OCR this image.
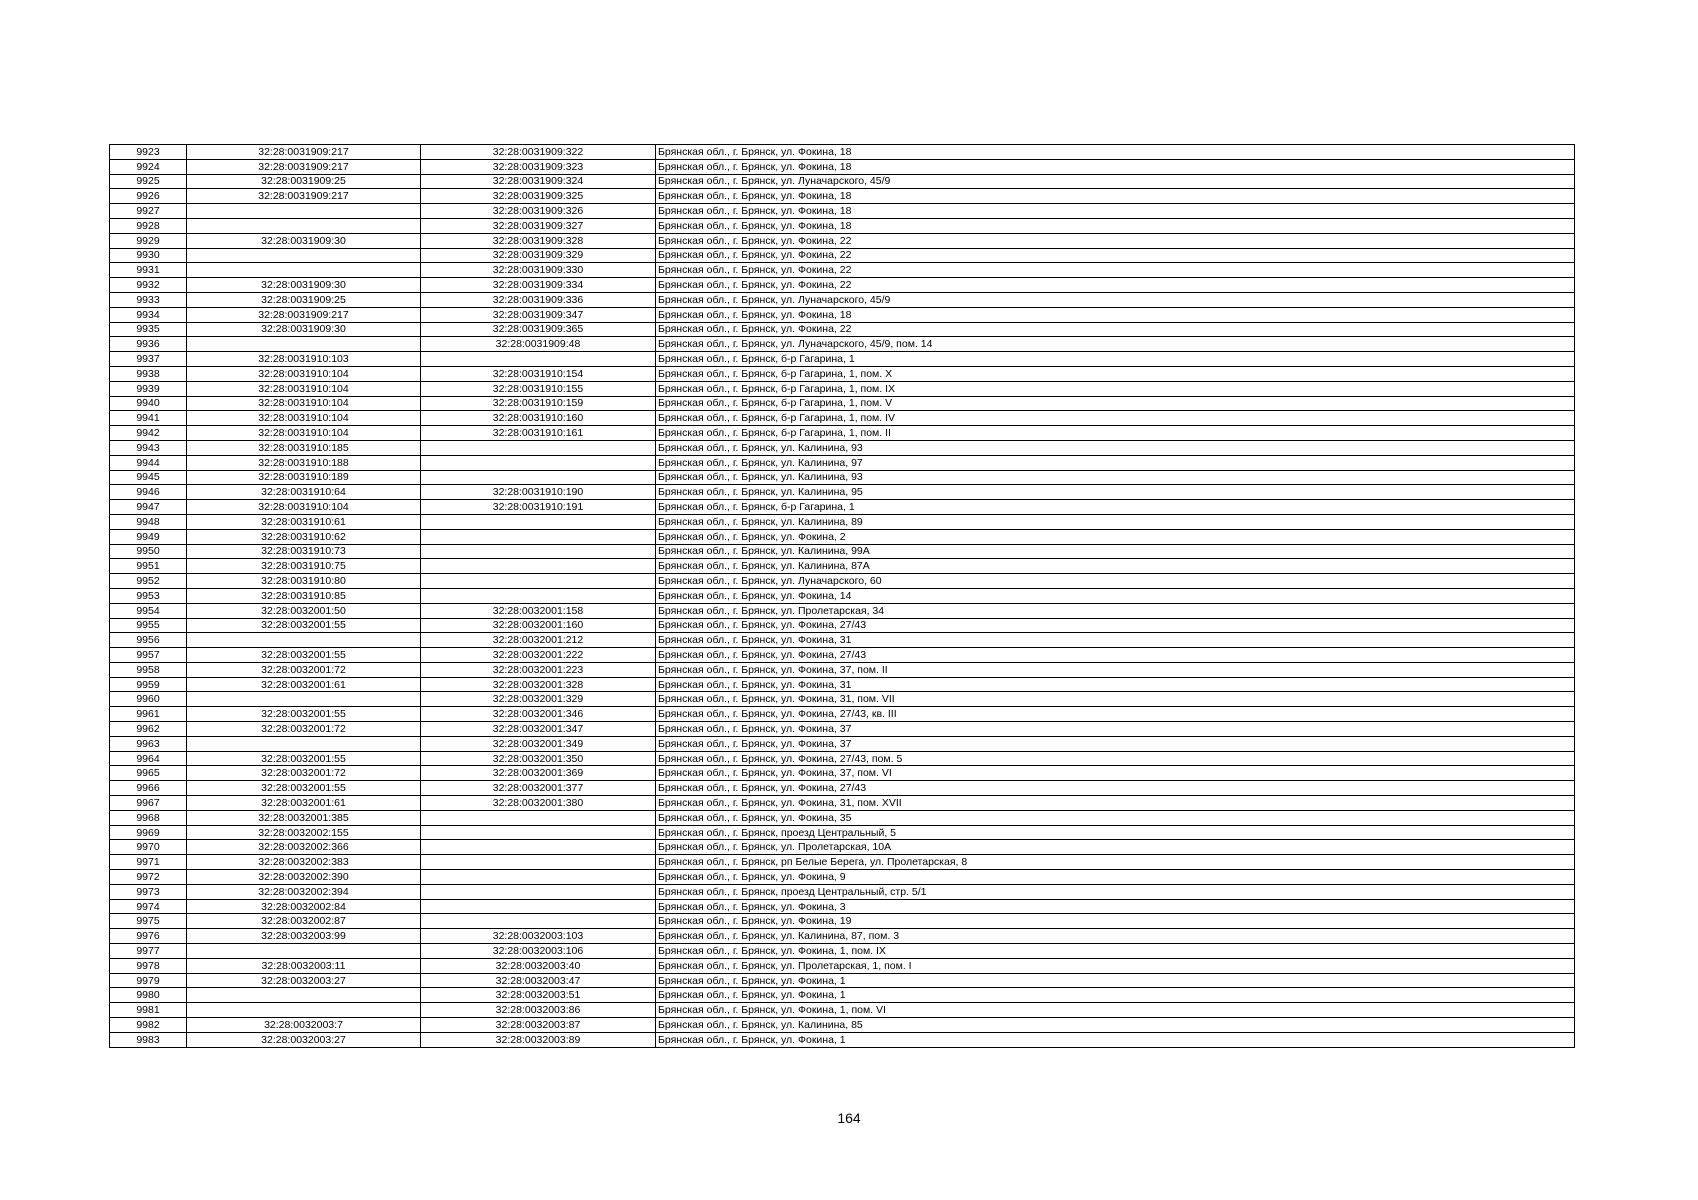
9923	32:28:0031909:217	32:28:0031909:322	Брянская обл., г. Брянск, ул. Фокина, 18
9924	32:28:0031909:217	32:28:0031909:323	Брянская обл., г. Брянск, ул. Фокина, 18
9925	32:28:0031909:25	32:28:0031909:324	Брянская обл., г. Брянск, ул. Луначарского, 45/9
9926	32:28:0031909:217	32:28:0031909:325	Брянская обл., г. Брянск, ул. Фокина, 18
9927		32:28:0031909:326	Брянская обл., г. Брянск, ул. Фокина, 18
9928		32:28:0031909:327	Брянская обл., г. Брянск, ул. Фокина, 18
9929	32:28:0031909:30	32:28:0031909:328	Брянская обл., г. Брянск, ул. Фокина, 22
9930		32:28:0031909:329	Брянская обл., г. Брянск, ул. Фокина, 22
9931		32:28:0031909:330	Брянская обл., г. Брянск, ул. Фокина, 22
9932	32:28:0031909:30	32:28:0031909:334	Брянская обл., г. Брянск, ул. Фокина, 22
9933	32:28:0031909:25	32:28:0031909:336	Брянская обл., г. Брянск, ул. Луначарского, 45/9
9934	32:28:0031909:217	32:28:0031909:347	Брянская обл., г. Брянск, ул. Фокина, 18
9935	32:28:0031909:30	32:28:0031909:365	Брянская обл., г. Брянск, ул. Фокина, 22
9936		32:28:0031909:48	Брянская обл., г. Брянск, ул. Луначарского, 45/9, пом. 14
9937	32:28:0031910:103		Брянская обл., г. Брянск, б-р Гагарина, 1
9938	32:28:0031910:104	32:28:0031910:154	Брянская обл., г. Брянск, б-р Гагарина, 1, пом. X
9939	32:28:0031910:104	32:28:0031910:155	Брянская обл., г. Брянск, б-р Гагарина, 1, пом. IX
9940	32:28:0031910:104	32:28:0031910:159	Брянская обл., г. Брянск, б-р Гагарина, 1, пом. V
9941	32:28:0031910:104	32:28:0031910:160	Брянская обл., г. Брянск, б-р Гагарина, 1, пом. IV
9942	32:28:0031910:104	32:28:0031910:161	Брянская обл., г. Брянск, б-р Гагарина, 1, пом. II
9943	32:28:0031910:185		Брянская обл., г. Брянск, ул. Калинина, 93
9944	32:28:0031910:188		Брянская обл., г. Брянск, ул. Калинина, 97
9945	32:28:0031910:189		Брянская обл., г. Брянск, ул. Калинина, 93
9946	32:28:0031910:64	32:28:0031910:190	Брянская обл., г. Брянск, ул. Калинина, 95
9947	32:28:0031910:104	32:28:0031910:191	Брянская обл., г. Брянск, б-р Гагарина, 1
9948	32:28:0031910:61		Брянская обл., г. Брянск, ул. Калинина, 89
9949	32:28:0031910:62		Брянская обл., г. Брянск, ул. Фокина, 2
9950	32:28:0031910:73		Брянская обл., г. Брянск, ул. Калинина, 99А
9951	32:28:0031910:75		Брянская обл., г. Брянск, ул. Калинина, 87А
9952	32:28:0031910:80		Брянская обл., г. Брянск, ул. Луначарского, 60
9953	32:28:0031910:85		Брянская обл., г. Брянск, ул. Фокина, 14
9954	32:28:0032001:50	32:28:0032001:158	Брянская обл., г. Брянск, ул. Пролетарская, 34
9955	32:28:0032001:55	32:28:0032001:160	Брянская обл., г. Брянск, ул. Фокина, 27/43
9956		32:28:0032001:212	Брянская обл., г. Брянск, ул. Фокина, 31
9957	32:28:0032001:55	32:28:0032001:222	Брянская обл., г. Брянск, ул. Фокина, 27/43
9958	32:28:0032001:72	32:28:0032001:223	Брянская обл., г. Брянск, ул. Фокина, 37, пом. II
9959	32:28:0032001:61	32:28:0032001:328	Брянская обл., г. Брянск, ул. Фокина, 31
9960		32:28:0032001:329	Брянская обл., г. Брянск, ул. Фокина, 31, пом. VII
9961	32:28:0032001:55	32:28:0032001:346	Брянская обл., г. Брянск, ул. Фокина, 27/43, кв. III
9962	32:28:0032001:72	32:28:0032001:347	Брянская обл., г. Брянск, ул. Фокина, 37
9963		32:28:0032001:349	Брянская обл., г. Брянск, ул. Фокина, 37
9964	32:28:0032001:55	32:28:0032001:350	Брянская обл., г. Брянск, ул. Фокина, 27/43, пом. 5
9965	32:28:0032001:72	32:28:0032001:369	Брянская обл., г. Брянск, ул. Фокина, 37, пом. VI
9966	32:28:0032001:55	32:28:0032001:377	Брянская обл., г. Брянск, ул. Фокина, 27/43
9967	32:28:0032001:61	32:28:0032001:380	Брянская обл., г. Брянск, ул. Фокина, 31, пом. XVII
9968	32:28:0032001:385		Брянская обл., г. Брянск, ул. Фокина, 35
9969	32:28:0032002:155		Брянская обл., г. Брянск, проезд Центральный, 5
9970	32:28:0032002:366		Брянская обл., г. Брянск, ул. Пролетарская, 10А
9971	32:28:0032002:383		Брянская обл., г. Брянск, рп Белые Берега, ул. Пролетарская, 8
9972	32:28:0032002:390		Брянская обл., г. Брянск, ул. Фокина, 9
9973	32:28:0032002:394		Брянская обл., г. Брянск, проезд Центральный, стр. 5/1
9974	32:28:0032002:84		Брянская обл., г. Брянск, ул. Фокина, 3
9975	32:28:0032002:87		Брянская обл., г. Брянск, ул. Фокина, 19
9976	32:28:0032003:99	32:28:0032003:103	Брянская обл., г. Брянск, ул. Калинина, 87, пом. 3
9977		32:28:0032003:106	Брянская обл., г. Брянск, ул. Фокина, 1, пом. IX
9978	32:28:0032003:11	32:28:0032003:40	Брянская обл., г. Брянск, ул. Пролетарская, 1, пом. I
9979	32:28:0032003:27	32:28:0032003:47	Брянская обл., г. Брянск, ул. Фокина, 1
9980		32:28:0032003:51	Брянская обл., г. Брянск, ул. Фокина, 1
9981		32:28:0032003:86	Брянская обл., г. Брянск, ул. Фокина, 1, пом. VI
9982	32:28:0032003:7	32:28:0032003:87	Брянская обл., г. Брянск, ул. Калинина, 85
9983	32:28:0032003:27	32:28:0032003:89	Брянская обл., г. Брянск, ул. Фокина, 1
164
